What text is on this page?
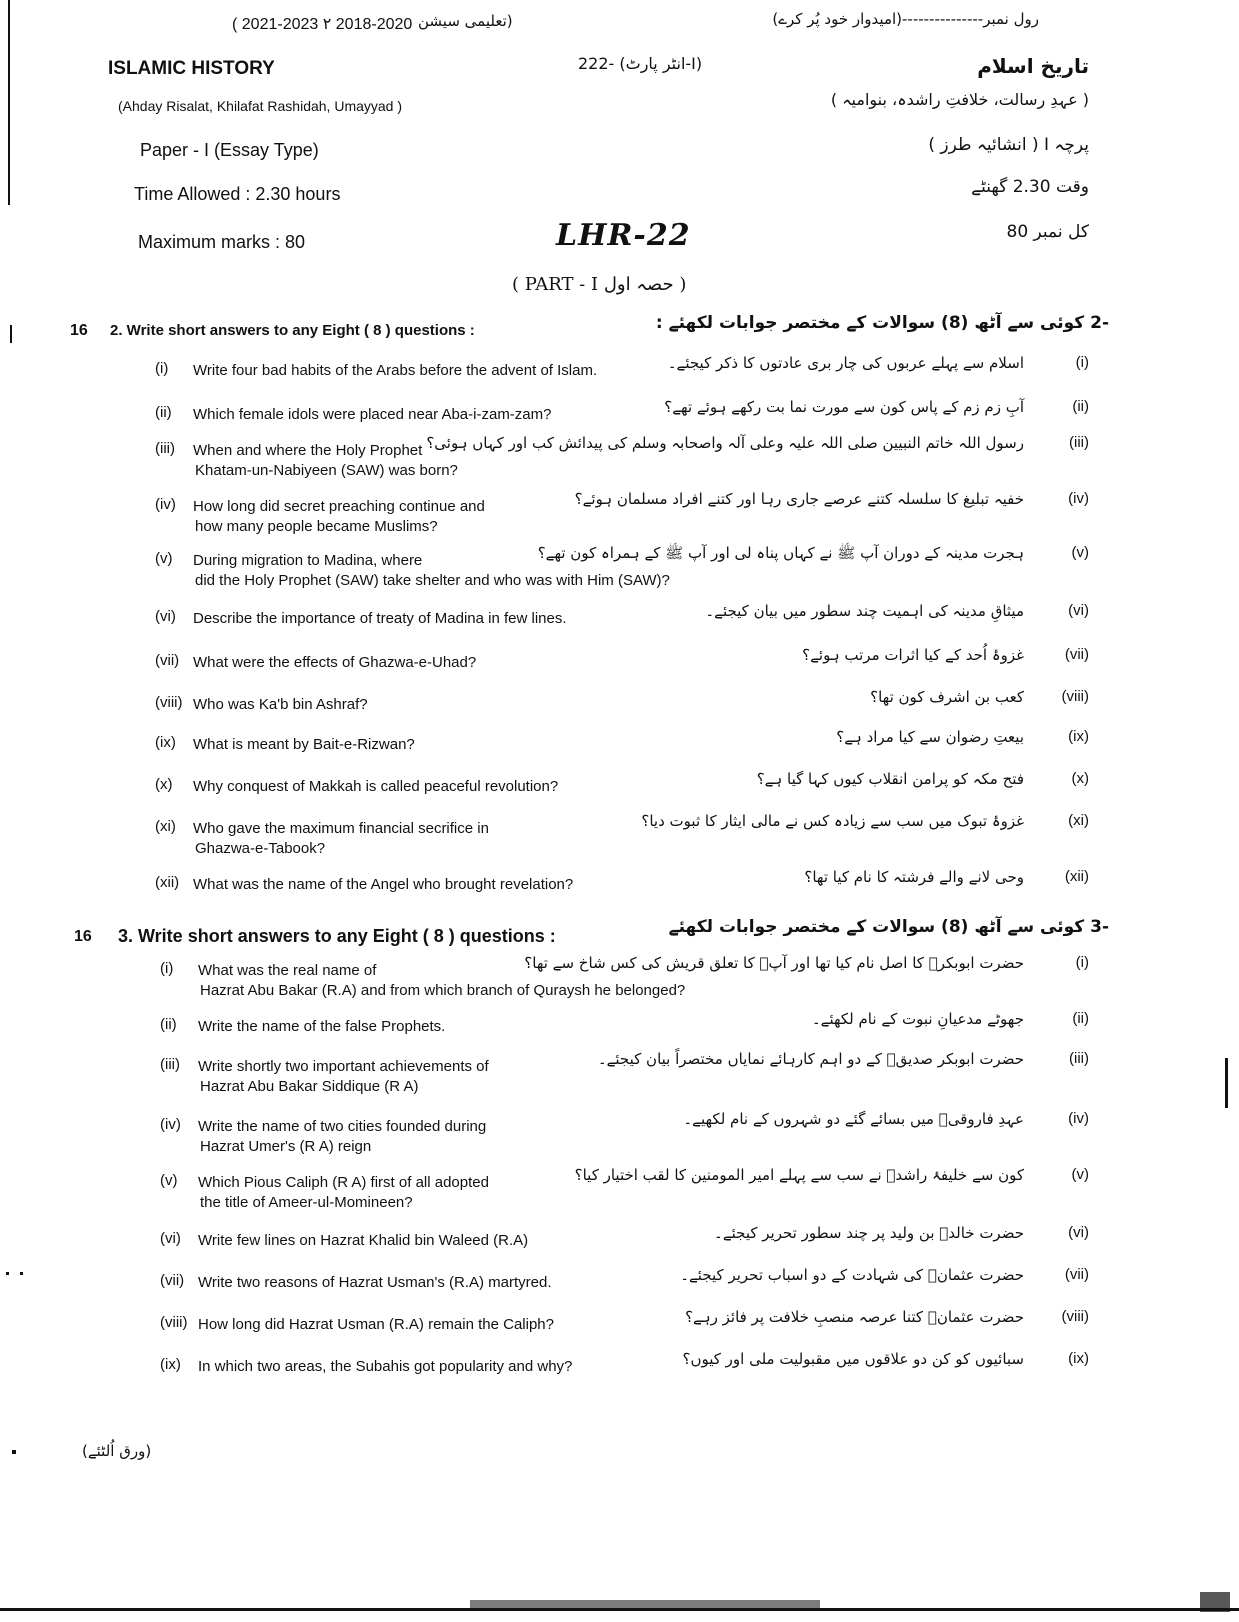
( 2021-2023 ۲ 2018-2020 (تعلیمی سیشن	رول نمبر---------------(امیدوار خود پُر کرے)
ISLAMIC HISTORY	222- (انٹر پارٹ-I)	تاریخ اسلام
(Ahday Risalat, Khilafat Rashidah, Umayyad )	( عہدِ رسالت، خلافتِ راشدہ، بنوامیہ )
Paper - I (Essay Type)	پرچہ I ( انشائیہ طرز )
Time Allowed : 2.30 hours	وقت 2.30 گھنٹے
Maximum marks : 80	LHR-22	کل نمبر 80
( PART - I حصہ اول )
16 2. Write short answers to any Eight ( 8 ) questions :	-2 کوئی سے آٹھ (8) سوالات کے مختصر جوابات لکھئے :
(i) Write four bad habits of the Arabs before the advent of Islam.	اسلام سے پہلے عربوں کی چار بری عادتوں کا ذکر کیجئے۔	(i)
(ii) Which female idols were placed near Aba-i-zam-zam?	آبِ زم زم کے پاس کون سے مورت نما بت رکھے ہوئے تھے؟	(ii)
(iii) When and where the Holy Prophet
Khatam-un-Nabiyeen (SAW) was born?
رسول اللہ خاتم النبیین صلی اللہ علیہ وعلی آلہ واصحابہ وسلم کی پیدائش کب اور کہاں ہوئی؟	(iii)
(iv) How long did secret preaching continue and
how many people became Muslims?
خفیہ تبلیغ کا سلسلہ کتنے عرصے جاری رہا اور کتنے افراد مسلمان ہوئے؟	(iv)
(v) During migration to Madina, where
did the Holy Prophet (SAW) take shelter and who was with Him (SAW)?
ہجرت مدینہ کے دوران آپ ﷺ نے کہاں پناہ لی اور آپ ﷺ کے ہمراہ کون تھے؟	(v)
(vi) Describe the importance of treaty of Madina in few lines.	میثاقِ مدینہ کی اہمیت چند سطور میں بیان کیجئے۔	(vi)
(vii) What were the effects of Ghazwa-e-Uhad?	غزوۂ اُحد کے کیا اثرات مرتب ہوئے؟	(vii)
(viii) Who was Ka'b bin Ashraf?	کعب بن اشرف کون تھا؟	(viii)
(ix) What is meant by Bait-e-Rizwan?	بیعتِ رضوان سے کیا مراد ہے؟	(ix)
(x) Why conquest of Makkah is called peaceful revolution?	فتح مکہ کو پرامن انقلاب کیوں کہا گیا ہے؟	(x)
(xi) Who gave the maximum financial secrifice in
Ghazwa-e-Tabook?
غزوۂ تبوک میں سب سے زیادہ کس نے مالی ایثار کا ثبوت دیا؟	(xi)
(xii) What was the name of the Angel who brought revelation?	وحی لانے والے فرشتہ کا نام کیا تھا؟	(xii)
16 3. Write short answers to any Eight ( 8 ) questions :	-3 کوئی سے آٹھ (8) سوالات کے مختصر جوابات لکھئے
(i) What was the real name of
Hazrat Abu Bakar (R.A) and from which branch of Quraysh he belonged?
حضرت ابوبکرؓ کا اصل نام کیا تھا اور آپؓ کا تعلق قریش کی کس شاخ سے تھا؟	(i)
(ii) Write the name of the false Prophets.	جھوٹے مدعیانِ نبوت کے نام لکھئے۔	(ii)
(iii) Write shortly two important achievements of
Hazrat Abu Bakar Siddique (R A)
حضرت ابوبکر صدیقؓ کے دو اہم کارہائے نمایاں مختصراً بیان کیجئے۔	(iii)
(iv) Write the name of two cities founded during
Hazrat Umer's (R A) reign
عہدِ فاروقیؓ میں بسائے گئے دو شہروں کے نام لکھیے۔	(iv)
(v) Which Pious Caliph (R A) first of all adopted
the title of Ameer-ul-Momineen?
کون سے خلیفۂ راشدؓ نے سب سے پہلے امیر المومنین کا لقب اختیار کیا؟	(v)
(vi) Write few lines on Hazrat Khalid bin Waleed (R.A)	حضرت خالدؓ بن ولید پر چند سطور تحریر کیجئے۔	(vi)
(vii) Write two reasons of Hazrat Usman's (R.A) martyred.	حضرت عثمانؓ کی شہادت کے دو اسباب تحریر کیجئے۔	(vii)
(viii) How long did Hazrat Usman (R.A) remain the Caliph?	حضرت عثمانؓ کتنا عرصہ منصبِ خلافت پر فائز رہے؟	(viii)
(ix) In which two areas, the Subahis got popularity and why?	سبائیوں کو کن دو علاقوں میں مقبولیت ملی اور کیوں؟	(ix)
(ورق اُلٹئے)
